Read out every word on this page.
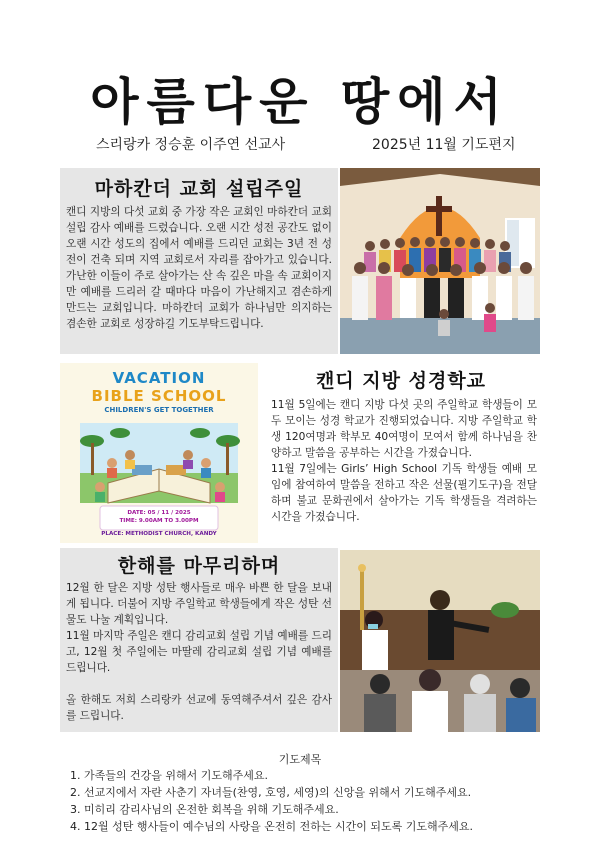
아름다운 땅에서
스리랑카 정승훈 이주연 선교사	2025년 11월 기도편지
마하칸더 교회 설립주일

캔디 지방의 다섯 교회 중 가장 작은 교회인 마하칸더 교회 설립 감사 예배를 드렸습니다. 오랜 시간 성전 공간도 없이 오랜 시간 성도의 집에서 예배를 드리던 교회는 3년 전 성전이 건축 되며 지역 교회로서 자리를 잡아가고 있습니다. 가난한 이들이 주로 살아가는 산 속 깊은 마을 속 교회이지만 예배를 드리러 갈 때마다 마음이 가난해지고 겸손하게 만드는 교회입니다. 마하칸더 교회가 하나님만 의지하는 겸손한 교회로 성장하길 기도부탁드립니다.

VACATION
BIBLE SCHOOL
CHILDREN'S GET TOGETHER
DATE: 05 / 11 / 2025
TIME: 9.00AM TO 3.00PM
PLACE: METHODIST CHURCH, KANDY
캔디 지방 성경학교

11월 5일에는 캔디 지방 다섯 곳의 주일학교 학생들이 모두 모이는 성경 학교가 진행되었습니다. 지방 주일학교 학생 120여명과 학부모 40여명이 모여서 함께 하나님을 찬양하고 말씀을 공부하는 시간을 가졌습니다.

11월 7일에는 Girls’ High School 기독 학생들 예배 모임에 참여하여 말씀을 전하고 작은 선물(필기도구)을 전달하며 불교 문화권에서 살아가는 기독 학생들을 격려하는 시간을 가졌습니다.

한해를 마무리하며

12월 한 달은 지방 성탄 행사들로 매우 바쁜 한 달을 보내게 됩니다. 더불어 지방 주일학교 학생들에게 작은 성탄 선물도 나눌 계획입니다.

11월 마지막 주일은 캔디 감리교회 설립 기념 예배를 드리고, 12월 첫 주일에는 마딸레 감리교회 설립 기념 예배를 드립니다.

올 한해도 저희 스리랑카 선교에 동역해주셔서 깊은 감사를 드립니다.

기도제목
1. 가족들의 건강을 위해서 기도해주세요.
2. 선교지에서 자란 사춘기 자녀들(찬영, 호영, 세영)의 신앙을 위해서 기도해주세요.
3. 미히리 감리사님의 온전한 회복을 위해 기도해주세요.
4. 12월 성탄 행사들이 예수님의 사랑을 온전히 전하는 시간이 되도록 기도해주세요.
